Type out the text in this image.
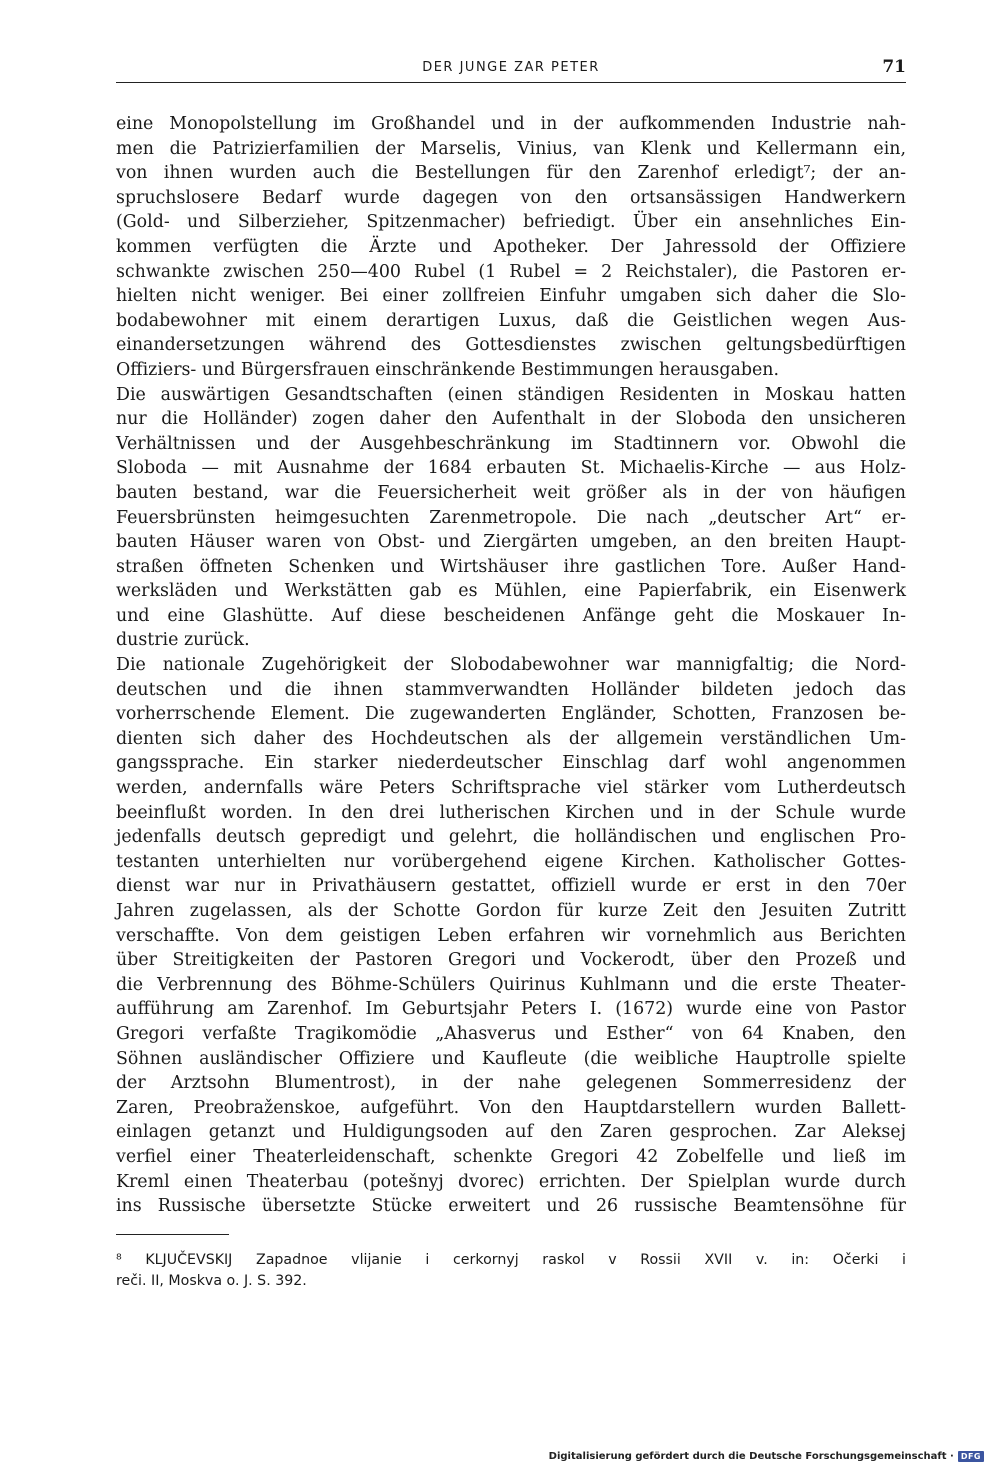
DER JUNGE ZAR PETER	71
eine Monopolstellung im Großhandel und in der aufkommenden Industrie nah-
men die Patrizierfamilien der Marselis, Vinius, van Klenk und Kellermann ein,
von ihnen wurden auch die Bestellungen für den Zarenhof erledigt⁷; der an-
spruchslosere Bedarf wurde dagegen von den ortsansässigen Handwerkern
(Gold- und Silberzieher, Spitzenmacher) befriedigt. Über ein ansehnliches Ein-
kommen verfügten die Ärzte und Apotheker. Der Jahressold der Offiziere
schwankte zwischen 250—400 Rubel (1 Rubel = 2 Reichstaler), die Pastoren er-
hielten nicht weniger. Bei einer zollfreien Einfuhr umgaben sich daher die Slo-
bodabewohner mit einem derartigen Luxus, daß die Geistlichen wegen Aus-
einandersetzungen während des Gottesdienstes zwischen geltungsbedürftigen
Offiziers- und Bürgersfrauen einschränkende Bestimmungen herausgaben.
Die auswärtigen Gesandtschaften (einen ständigen Residenten in Moskau hatten
nur die Holländer) zogen daher den Aufenthalt in der Sloboda den unsicheren
Verhältnissen und der Ausgehbeschränkung im Stadtinnern vor. Obwohl die
Sloboda — mit Ausnahme der 1684 erbauten St. Michaelis-Kirche — aus Holz-
bauten bestand, war die Feuersicherheit weit größer als in der von häufigen
Feuersbrünsten heimgesuchten Zarenmetropole. Die nach „deutscher Art“ er-
bauten Häuser waren von Obst- und Ziergärten umgeben, an den breiten Haupt-
straßen öffneten Schenken und Wirtshäuser ihre gastlichen Tore. Außer Hand-
werksläden und Werkstätten gab es Mühlen, eine Papierfabrik, ein Eisenwerk
und eine Glashütte. Auf diese bescheidenen Anfänge geht die Moskauer In-
dustrie zurück.
Die nationale Zugehörigkeit der Slobodabewohner war mannigfaltig; die Nord-
deutschen und die ihnen stammverwandten Holländer bildeten jedoch das
vorherrschende Element. Die zugewanderten Engländer, Schotten, Franzosen be-
dienten sich daher des Hochdeutschen als der allgemein verständlichen Um-
gangssprache. Ein starker niederdeutscher Einschlag darf wohl angenommen
werden, andernfalls wäre Peters Schriftsprache viel stärker vom Lutherdeutsch
beeinflußt worden. In den drei lutherischen Kirchen und in der Schule wurde
jedenfalls deutsch gepredigt und gelehrt, die holländischen und englischen Pro-
testanten unterhielten nur vorübergehend eigene Kirchen. Katholischer Gottes-
dienst war nur in Privathäusern gestattet, offiziell wurde er erst in den 70er
Jahren zugelassen, als der Schotte Gordon für kurze Zeit den Jesuiten Zutritt
verschaffte. Von dem geistigen Leben erfahren wir vornehmlich aus Berichten
über Streitigkeiten der Pastoren Gregori und Vockerodt, über den Prozeß und
die Verbrennung des Böhme-Schülers Quirinus Kuhlmann und die erste Theater-
aufführung am Zarenhof. Im Geburtsjahr Peters I. (1672) wurde eine von Pastor
Gregori verfaßte Tragikomödie „Ahasverus und Esther“ von 64 Knaben, den
Söhnen ausländischer Offiziere und Kaufleute (die weibliche Hauptrolle spielte
der Arztsohn Blumentrost), in der nahe gelegenen Sommerresidenz der
Zaren, Preobraženskoe, aufgeführt. Von den Hauptdarstellern wurden Ballett-
einlagen getanzt und Huldigungsoden auf den Zaren gesprochen. Zar Aleksej
verfiel einer Theaterleidenschaft, schenkte Gregori 42 Zobelfelle und ließ im
Kreml einen Theaterbau (potešnyj dvorec) errichten. Der Spielplan wurde durch
ins Russische übersetzte Stücke erweitert und 26 russische Beamtensöhne für
⁸ KLJUČEVSKIJ Zapadnoe vlijanie i cerkornyj raskol v Rossii XVII v. in: Očerki i
reči. II, Moskva o. J. S. 392.
Digitalisierung gefördert durch die Deutsche Forschungsgemeinschaft · DFG
